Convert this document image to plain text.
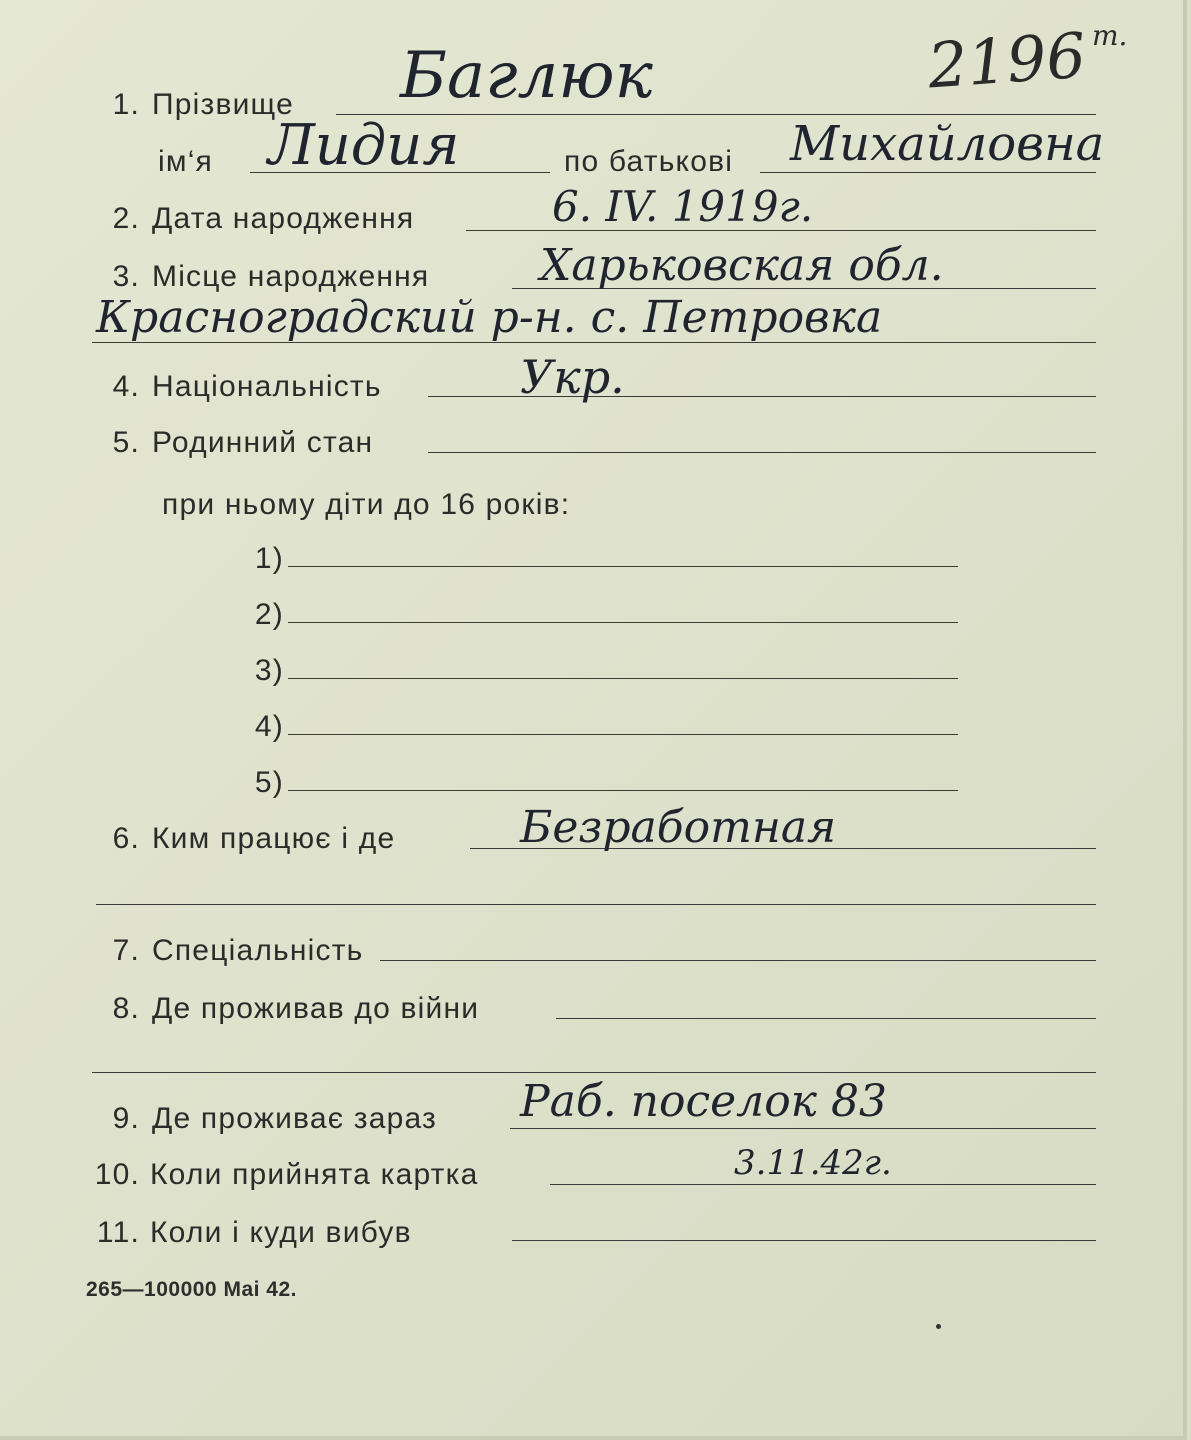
2196 т.
1. Прізвище Баглюк
ім‘я Лидия	по батькові Михайловна
2. Дата народження	6. IV. 1919г.
3. Місце народження	Харьковская обл.
Красноградский р-н. с. Петровка
4. Національність	Укр.
5. Родинний стан
при ньому діти до 16 років:
1)
2)
3)
4)
5)
6. Ким працює і де	Безработная
7. Спеціальність
8. Де проживав до війни
9. Де проживає зараз Раб. поселок 83
10. Коли прийнята картка	3.11.42г.
11. Коли і куди вибув
265—100000 Mai 42.
